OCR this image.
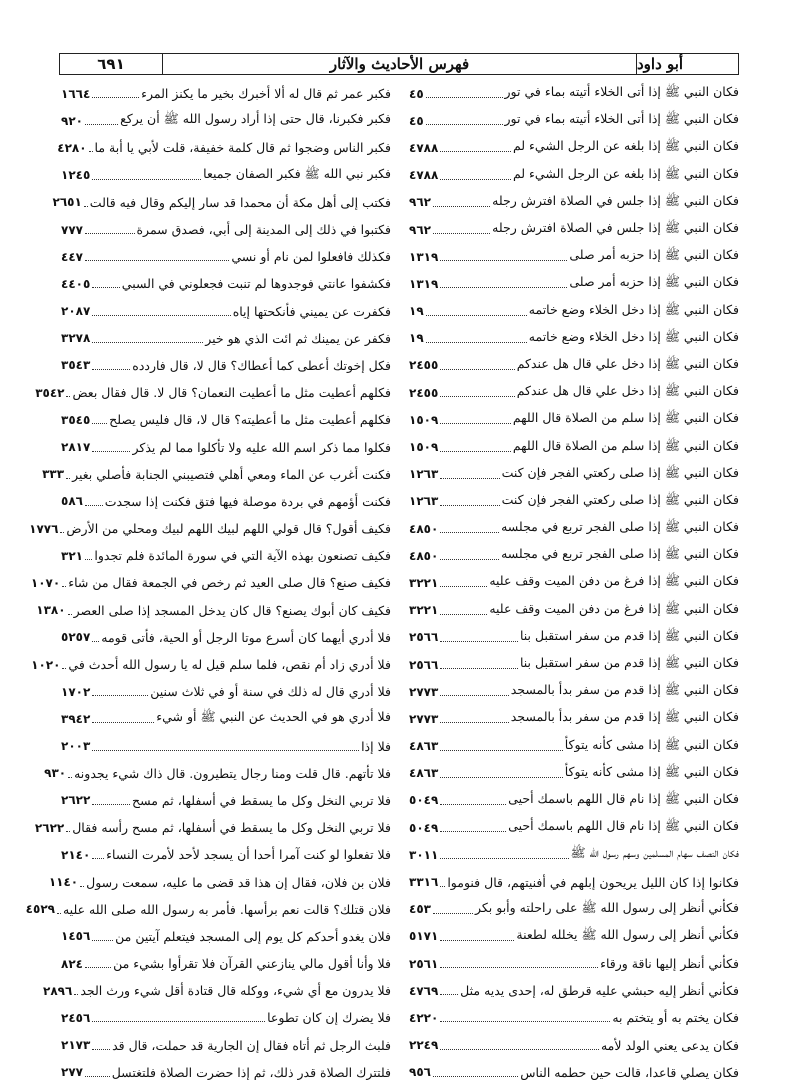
أبو داود
فهرس الأحاديث والآثار
٦٩١
فكان النبي ﷺ إذا أتى الخلاء أتيته بماء في تور
٤٥
فكان النبي ﷺ إذا أتى الخلاء أتيته بماء في تور
٤٥
فكان النبي ﷺ إذا بلغه عن الرجل الشيء لم
٤٧٨٨
فكان النبي ﷺ إذا بلغه عن الرجل الشيء لم
٤٧٨٨
فكان النبي ﷺ إذا جلس في الصلاة افترش رجله
٩٦٢
فكان النبي ﷺ إذا جلس في الصلاة افترش رجله
٩٦٢
فكان النبي ﷺ إذا حزبه أمر صلى
١٣١٩
فكان النبي ﷺ إذا حزبه أمر صلى
١٣١٩
فكان النبي ﷺ إذا دخل الخلاء وضع خاتمه
١٩
فكان النبي ﷺ إذا دخل الخلاء وضع خاتمه
١٩
فكان النبي ﷺ إذا دخل علي قال هل عندكم
٢٤٥٥
فكان النبي ﷺ إذا دخل علي قال هل عندكم
٢٤٥٥
فكان النبي ﷺ إذا سلم من الصلاة قال اللهم
١٥٠٩
فكان النبي ﷺ إذا سلم من الصلاة قال اللهم
١٥٠٩
فكان النبي ﷺ إذا صلى ركعتي الفجر فإن كنت
١٢٦٣
فكان النبي ﷺ إذا صلى ركعتي الفجر فإن كنت
١٢٦٣
فكان النبي ﷺ إذا صلى الفجر تربع في مجلسه
٤٨٥٠
فكان النبي ﷺ إذا صلى الفجر تربع في مجلسه
٤٨٥٠
فكان النبي ﷺ إذا فرغ من دفن الميت وقف عليه
٣٢٢١
فكان النبي ﷺ إذا فرغ من دفن الميت وقف عليه
٣٢٢١
فكان النبي ﷺ إذا قدم من سفر استقبل بنا
٢٥٦٦
فكان النبي ﷺ إذا قدم من سفر استقبل بنا
٢٥٦٦
فكان النبي ﷺ إذا قدم من سفر بدأ بالمسجد
٢٧٧٣
فكان النبي ﷺ إذا قدم من سفر بدأ بالمسجد
٢٧٧٣
فكان النبي ﷺ إذا مشى كأنه يتوكأ
٤٨٦٣
فكان النبي ﷺ إذا مشى كأنه يتوكأ
٤٨٦٣
فكان النبي ﷺ إذا نام قال اللهم باسمك أحيى
٥٠٤٩
فكان النبي ﷺ إذا نام قال اللهم باسمك أحيى
٥٠٤٩
فكان النصف سهام المسلمين وسهم رسول الله ﷺ
٣٠١١
فكانوا إذا كان الليل يريحون إبلهم في أفنيتهم، قال فنوموا
٣٣١٦
فكأني أنظر إلى رسول الله ﷺ على راحلته وأبو بكر
٤٥٣
فكأني أنظر إلى رسول الله ﷺ يخلله لطعنة
٥١٧١
فكأني أنظر إليها ناقة ورقاء
٢٥٦١
فكأني أنظر إليه حبشي عليه قرطق له، إحدى يديه مثل
٤٧٦٩
فكان يختم به أو يتختم به
٤٢٢٠
فكان يدعى يعني الولد لأمه
٢٢٤٩
فكان يصلي قاعدا، قالت حين حطمه الناس
٩٥٦
فكبر عمر ثم قال له ألا أخبرك بخير ما يكنز المرء
١٦٦٤
فكبر فكبرنا، قال حتى إذا أراد رسول الله ﷺ أن يركع
٩٢٠
فكبر الناس وضجوا ثم قال كلمة خفيفة، قلت لأبي يا أبة ما
٤٢٨٠
فكبر نبي الله ﷺ فكبر الصفان جميعا
١٢٤٥
فكتب إلى أهل مكة أن محمدا قد سار إليكم وقال فيه قالت
٢٦٥١
فكتبوا في ذلك إلى المدينة إلى أبي، فصدق سمرة
٧٧٧
فكذلك فافعلوا لمن نام أو نسي
٤٤٧
فكشفوا عانتي فوجدوها لم تنبت فجعلوني في السبي
٤٤٠٥
فكفرت عن يميني فأنكحتها إياه
٢٠٨٧
فكفر عن يمينك ثم ائت الذي هو خير
٣٢٧٨
فكل إخوتك أعطى كما أعطاك؟ قال لا، قال فاردده
٣٥٤٣
فكلهم أعطيت مثل ما أعطيت النعمان؟ قال لا. قال فقال بعض
٣٥٤٢
فكلهم أعطيت مثل ما أعطيته؟ قال لا، قال فليس يصلح
٣٥٤٥
فكلوا مما ذكر اسم الله عليه ولا تأكلوا مما لم يذكر
٢٨١٧
فكنت أغرب عن الماء ومعي أهلي فتصيبني الجنابة فأصلي بغير
٣٣٣
فكنت أؤمهم في بردة موصلة فيها فتق فكنت إذا سجدت
٥٨٦
فكيف أقول؟ قال قولي اللهم لبيك اللهم لبيك ومحلي من الأرض
١٧٧٦
فكيف تصنعون بهذه الآية التي في سورة المائدة فلم تجدوا
٣٢١
فكيف صنع؟ قال صلى العيد ثم رخص في الجمعة فقال من شاء
١٠٧٠
فكيف كان أبوك يصنع؟ قال كان يدخل المسجد إذا صلى العصر
١٣٨٠
فلا أدري أيهما كان أسرع موتا الرجل أو الحية، فأتى قومه
٥٢٥٧
فلا أدري زاد أم نقص، فلما سلم قيل له يا رسول الله أحدث في
١٠٢٠
فلا أدري قال له ذلك في سنة أو في ثلاث سنين
١٧٠٢
فلا أدري هو في الحديث عن النبي ﷺ أو شيء
٣٩٤٢
فلا إذا
٢٠٠٣
فلا تأتهم. قال قلت ومنا رجال يتطيرون. قال ذاك شيء يجدونه
٩٣٠
فلا تربي النخل وكل ما يسقط في أسفلها، ثم مسح
٢٦٢٢
فلا تربي النخل وكل ما يسقط في أسفلها، ثم مسح رأسه فقال
٢٦٢٢
فلا تفعلوا لو كنت آمرا أحدا أن يسجد لأحد لأمرت النساء
٢١٤٠
فلان بن فلان، فقال إن هذا قد قضى ما عليه، سمعت رسول
١١٤٠
فلان قتلك؟ قالت نعم برأسها. فأمر به رسول الله صلى الله عليه
٤٥٢٩
فلان يغدو أحدكم كل يوم إلى المسجد فيتعلم آيتين من
١٤٥٦
فلا وأنا أقول مالي ينازعني القرآن فلا تقرأوا بشيء من
٨٢٤
فلا يدرون مع أي شيء، ووكله قال قتادة أقل شيء ورث الجد
٢٨٩٦
فلا يضرك إن كان تطوعا
٢٤٥٦
فلبث الرجل ثم أتاه فقال إن الجارية قد حملت، قال قد
٢١٧٣
فلتترك الصلاة قدر ذلك، ثم إذا حضرت الصلاة فلتغتسل
٢٧٧
